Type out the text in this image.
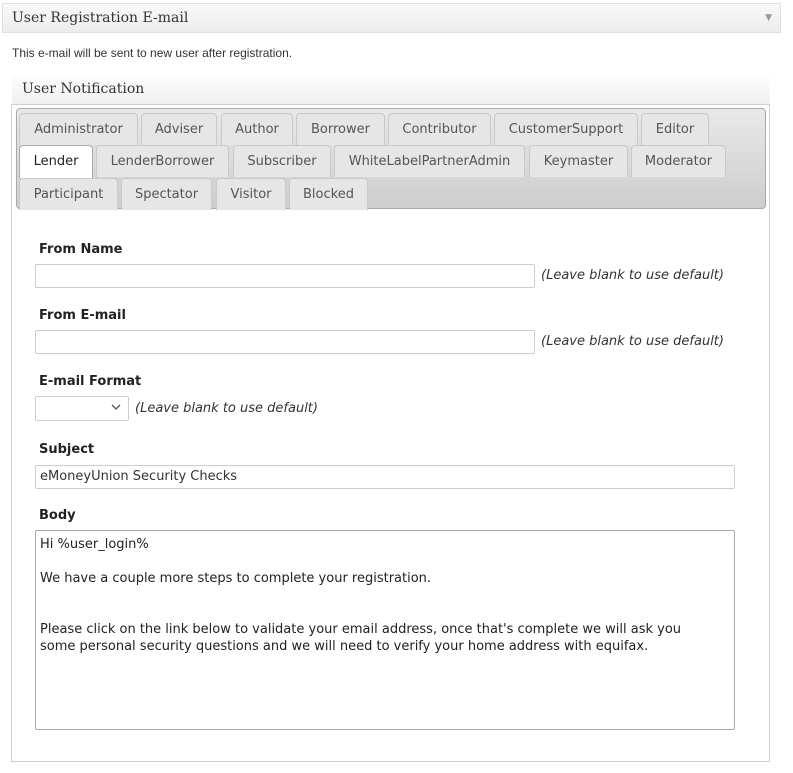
User Registration E-mail	▼
This e-mail will be sent to new user after registration.
User Notification
Administrator	Adviser	Author	Borrower	Contributor	CustomerSupport	Editor
Lender	LenderBorrower	Subscriber	WhiteLabelPartnerAdmin	Keymaster	Moderator
Participant	Spectator	Visitor	Blocked
From Name
(Leave blank to use default)
From E-mail
(Leave blank to use default)
E-mail Format
(Leave blank to use default)
Subject
eMoneyUnion Security Checks
Body
Hi %user_login%

We have a couple more steps to complete your registration.

Please click on the link below to validate your email address, once that's complete we will ask you
some personal security questions and we will need to verify your home address with equifax.
